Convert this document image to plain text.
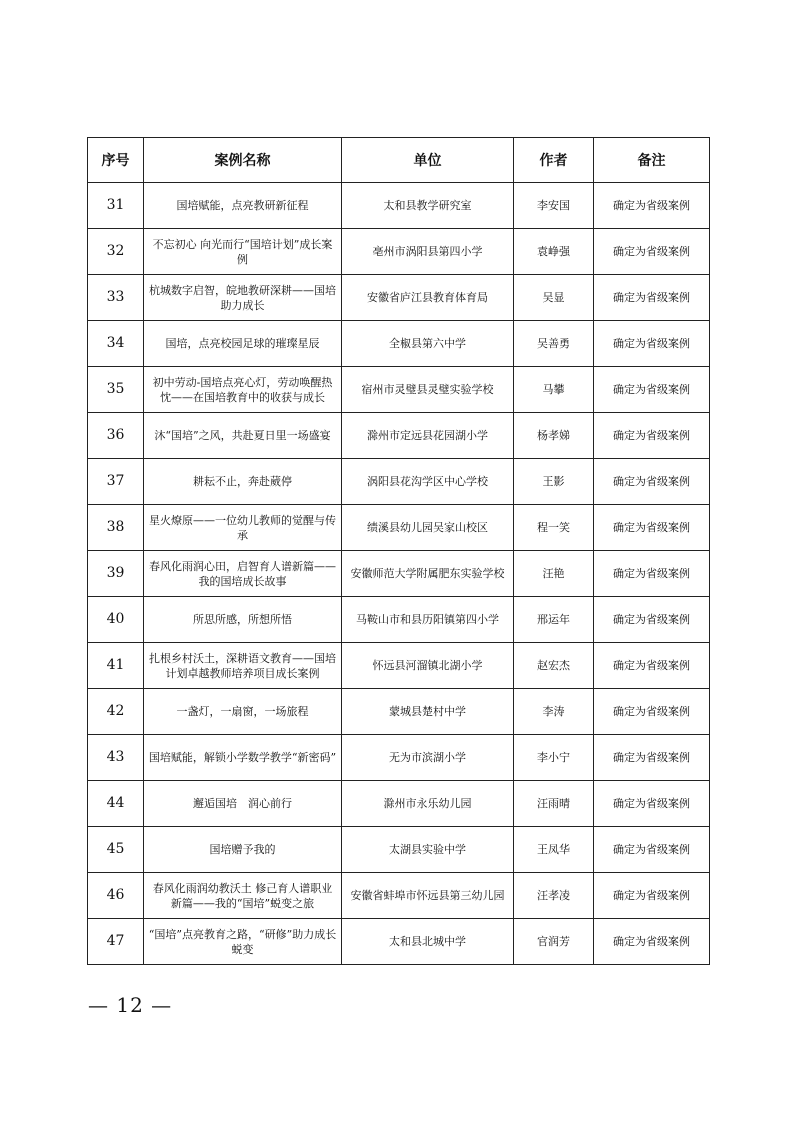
序号	案例名称	单位	作者	备注
31	国培赋能，点亮教研新征程	太和县教学研究室	李安国	确定为省级案例
32	不忘初心 向光而行“国培计划”成长案例	亳州市涡阳县第四小学	袁峥强	确定为省级案例
33	杭城数字启智，皖地教研深耕——国培助力成长	安徽省庐江县教育体育局	吴显	确定为省级案例
34	国培，点亮校园足球的璀璨星辰	全椒县第六中学	吴善勇	确定为省级案例
35	初中劳动-国培点亮心灯，劳动唤醒热忱——在国培教育中的收获与成长	宿州市灵璧县灵璧实验学校	马攀	确定为省级案例
36	沐“国培”之风，共赴夏日里一场盛宴	滁州市定远县花园湖小学	杨孝娣	确定为省级案例
37	耕耘不止，奔赴葳停	涡阳县花沟学区中心学校	王影	确定为省级案例
38	星火燎原——一位幼儿教师的觉醒与传承	绩溪县幼儿园吴家山校区	程一笑	确定为省级案例
39	春风化雨润心田，启智育人谱新篇——我的国培成长故事	安徽师范大学附属肥东实验学校	汪艳	确定为省级案例
40	所思所感，所想所悟	马鞍山市和县历阳镇第四小学	邢运年	确定为省级案例
41	扎根乡村沃土，深耕语文教育——国培计划卓越教师培养项目成长案例	怀远县河溜镇北湖小学	赵宏杰	确定为省级案例
42	一盏灯，一扇窗，一场旅程	蒙城县楚村中学	李涛	确定为省级案例
43	国培赋能，解锁小学数学教学“新密码”	无为市滨湖小学	李小宁	确定为省级案例
44	邂逅国培　润心前行	滁州市永乐幼儿园	汪雨晴	确定为省级案例
45	国培赠予我的	太湖县实验中学	王凤华	确定为省级案例
46	春风化雨润幼教沃土 修己育人谱职业新篇——我的“国培”蜕变之旅	安徽省蚌埠市怀远县第三幼儿园	汪孝凌	确定为省级案例
47	“国培”点亮教育之路，“研修”助力成长蜕变	太和县北城中学	官润芳	确定为省级案例
— 12 —
